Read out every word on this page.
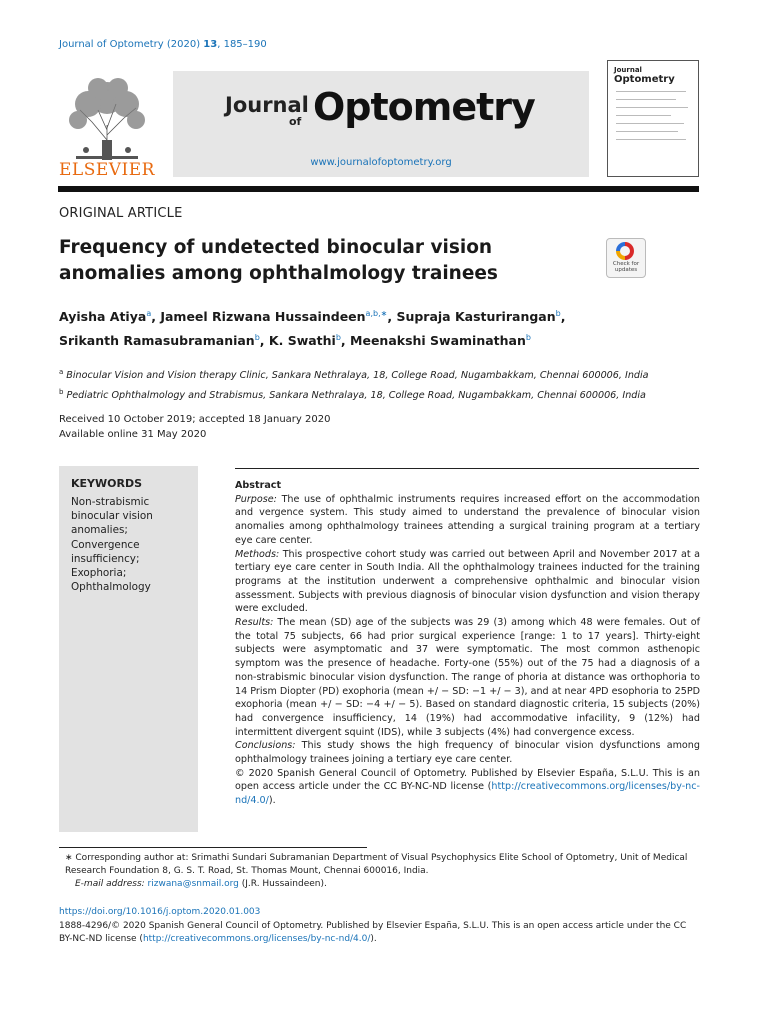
Journal of Optometry (2020) 13, 185–190
ELSEVIER
Journal
of Optometry
www.journalofoptometry.org
Journal Optometry
ORIGINAL ARTICLE
Frequency of undetected binocular vision anomalies among ophthalmology trainees	Check for updates
Ayisha Atiya$^a$, Jameel Rizwana Hussaindeen$^{a,b,∗}$, Supraja Kasturirangan$^b$,
Srikanth Ramasubramanian$^b$, K. Swathi$^b$, Meenakshi Swaminathan$^b$
$^a$ Binocular Vision and Vision therapy Clinic, Sankara Nethralaya, 18, College Road, Nugambakkam, Chennai 600006, India
$^b$ Pediatric Ophthalmology and Strabismus, Sankara Nethralaya, 18, College Road, Nugambakkam, Chennai 600006, India
Received 10 October 2019; accepted 18 January 2020
Available online 31 May 2020
KEYWORDS
Non-strabismic
binocular vision
anomalies;
Convergence
insufficiency;
Exophoria;
Ophthalmology
Abstract

Purpose: The use of ophthalmic instruments requires increased effort on the accommodation and vergence system. This study aimed to understand the prevalence of binocular vision anomalies among ophthalmology trainees attending a surgical training program at a tertiary eye care center.

Methods: This prospective cohort study was carried out between April and November 2017 at a tertiary eye care center in South India. All the ophthalmology trainees inducted for the training programs at the institution underwent a comprehensive ophthalmic and binocular vision assessment. Subjects with previous diagnosis of binocular vision dysfunction and vision therapy were excluded.

Results: The mean (SD) age of the subjects was 29 (3) among which 48 were females. Out of the total 75 subjects, 66 had prior surgical experience [range: 1 to 17 years]. Thirty-eight subjects were asymptomatic and 37 were symptomatic. The most common asthenopic symptom was the presence of headache. Forty-one (55%) out of the 75 had a diagnosis of a non-strabismic binocular vision dysfunction. The range of phoria at distance was orthophoria to 14 Prism Diopter (PD) exophoria (mean +/ − SD: −1 +/ − 3), and at near 4PD esophoria to 25PD exophoria (mean +/ − SD: −4 +/ − 5). Based on standard diagnostic criteria, 15 subjects (20%) had convergence insufficiency, 14 (19%) had accommodative infacility, 9 (12%) had intermittent divergent squint (IDS), while 3 subjects (4%) had convergence excess.

Conclusions: This study shows the high frequency of binocular vision dysfunctions among ophthalmology trainees joining a tertiary eye care center.

© 2020 Spanish General Council of Optometry. Published by Elsevier España, S.L.U. This is an open access article under the CC BY-NC-ND license (http://creativecommons.org/licenses/by-nc-nd/4.0/).

∗ Corresponding author at: Srimathi Sundari Subramanian Department of Visual Psychophysics Elite School of Optometry, Unit of Medical Research Foundation 8, G. S. T. Road, St. Thomas Mount, Chennai 600016, India.
E-mail address: rizwana@snmail.org (J.R. Hussaindeen).
https://doi.org/10.1016/j.optom.2020.01.003
1888-4296/© 2020 Spanish General Council of Optometry. Published by Elsevier España, S.L.U. This is an open access article under the CC BY-NC-ND license (http://creativecommons.org/licenses/by-nc-nd/4.0/).
